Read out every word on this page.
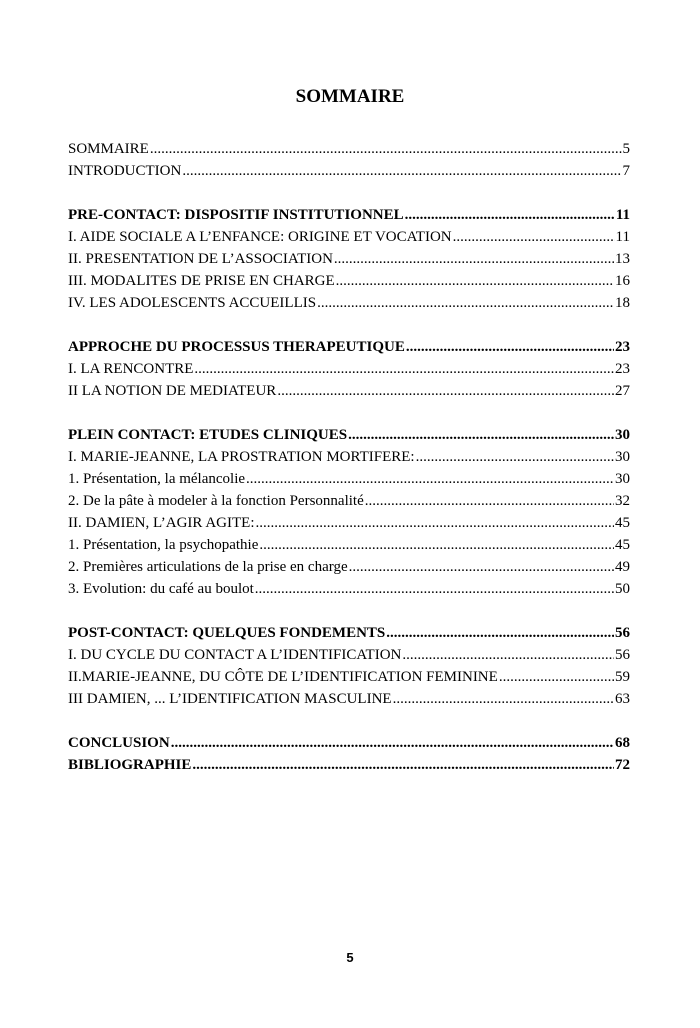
SOMMAIRE
SOMMAIRE .....	5
INTRODUCTION .....	7
PRE-CONTACT: DISPOSITIF INSTITUTIONNEL .....	11
I. AIDE SOCIALE A L’ENFANCE: ORIGINE ET VOCATION .....	11
II. PRESENTATION DE L’ASSOCIATION .....	13
III. MODALITES DE PRISE EN CHARGE .....	16
IV. LES ADOLESCENTS ACCUEILLIS .....	18
APPROCHE DU PROCESSUS THERAPEUTIQUE .....	23
I. LA RENCONTRE .....	23
II LA NOTION DE MEDIATEUR .....	27
PLEIN CONTACT: ETUDES CLINIQUES .....	30
I. MARIE-JEANNE, LA PROSTRATION MORTIFERE: .....	30
1. Présentation, la mélancolie .....	30
2. De la pâte à modeler à la fonction Personnalité .....	32
II. DAMIEN, L’AGIR AGITE: .....	45
1. Présentation, la psychopathie .....	45
2. Premières articulations de la prise en charge .....	49
3. Evolution: du café au boulot .....	50
POST-CONTACT: QUELQUES FONDEMENTS .....	56
I. DU CYCLE DU CONTACT A L’IDENTIFICATION .....	56
II.MARIE-JEANNE, DU CÔTE DE L’IDENTIFICATION FEMININE .....	59
III DAMIEN, ... L’IDENTIFICATION MASCULINE .....	63
CONCLUSION .....	68
BIBLIOGRAPHIE .....	72
5
